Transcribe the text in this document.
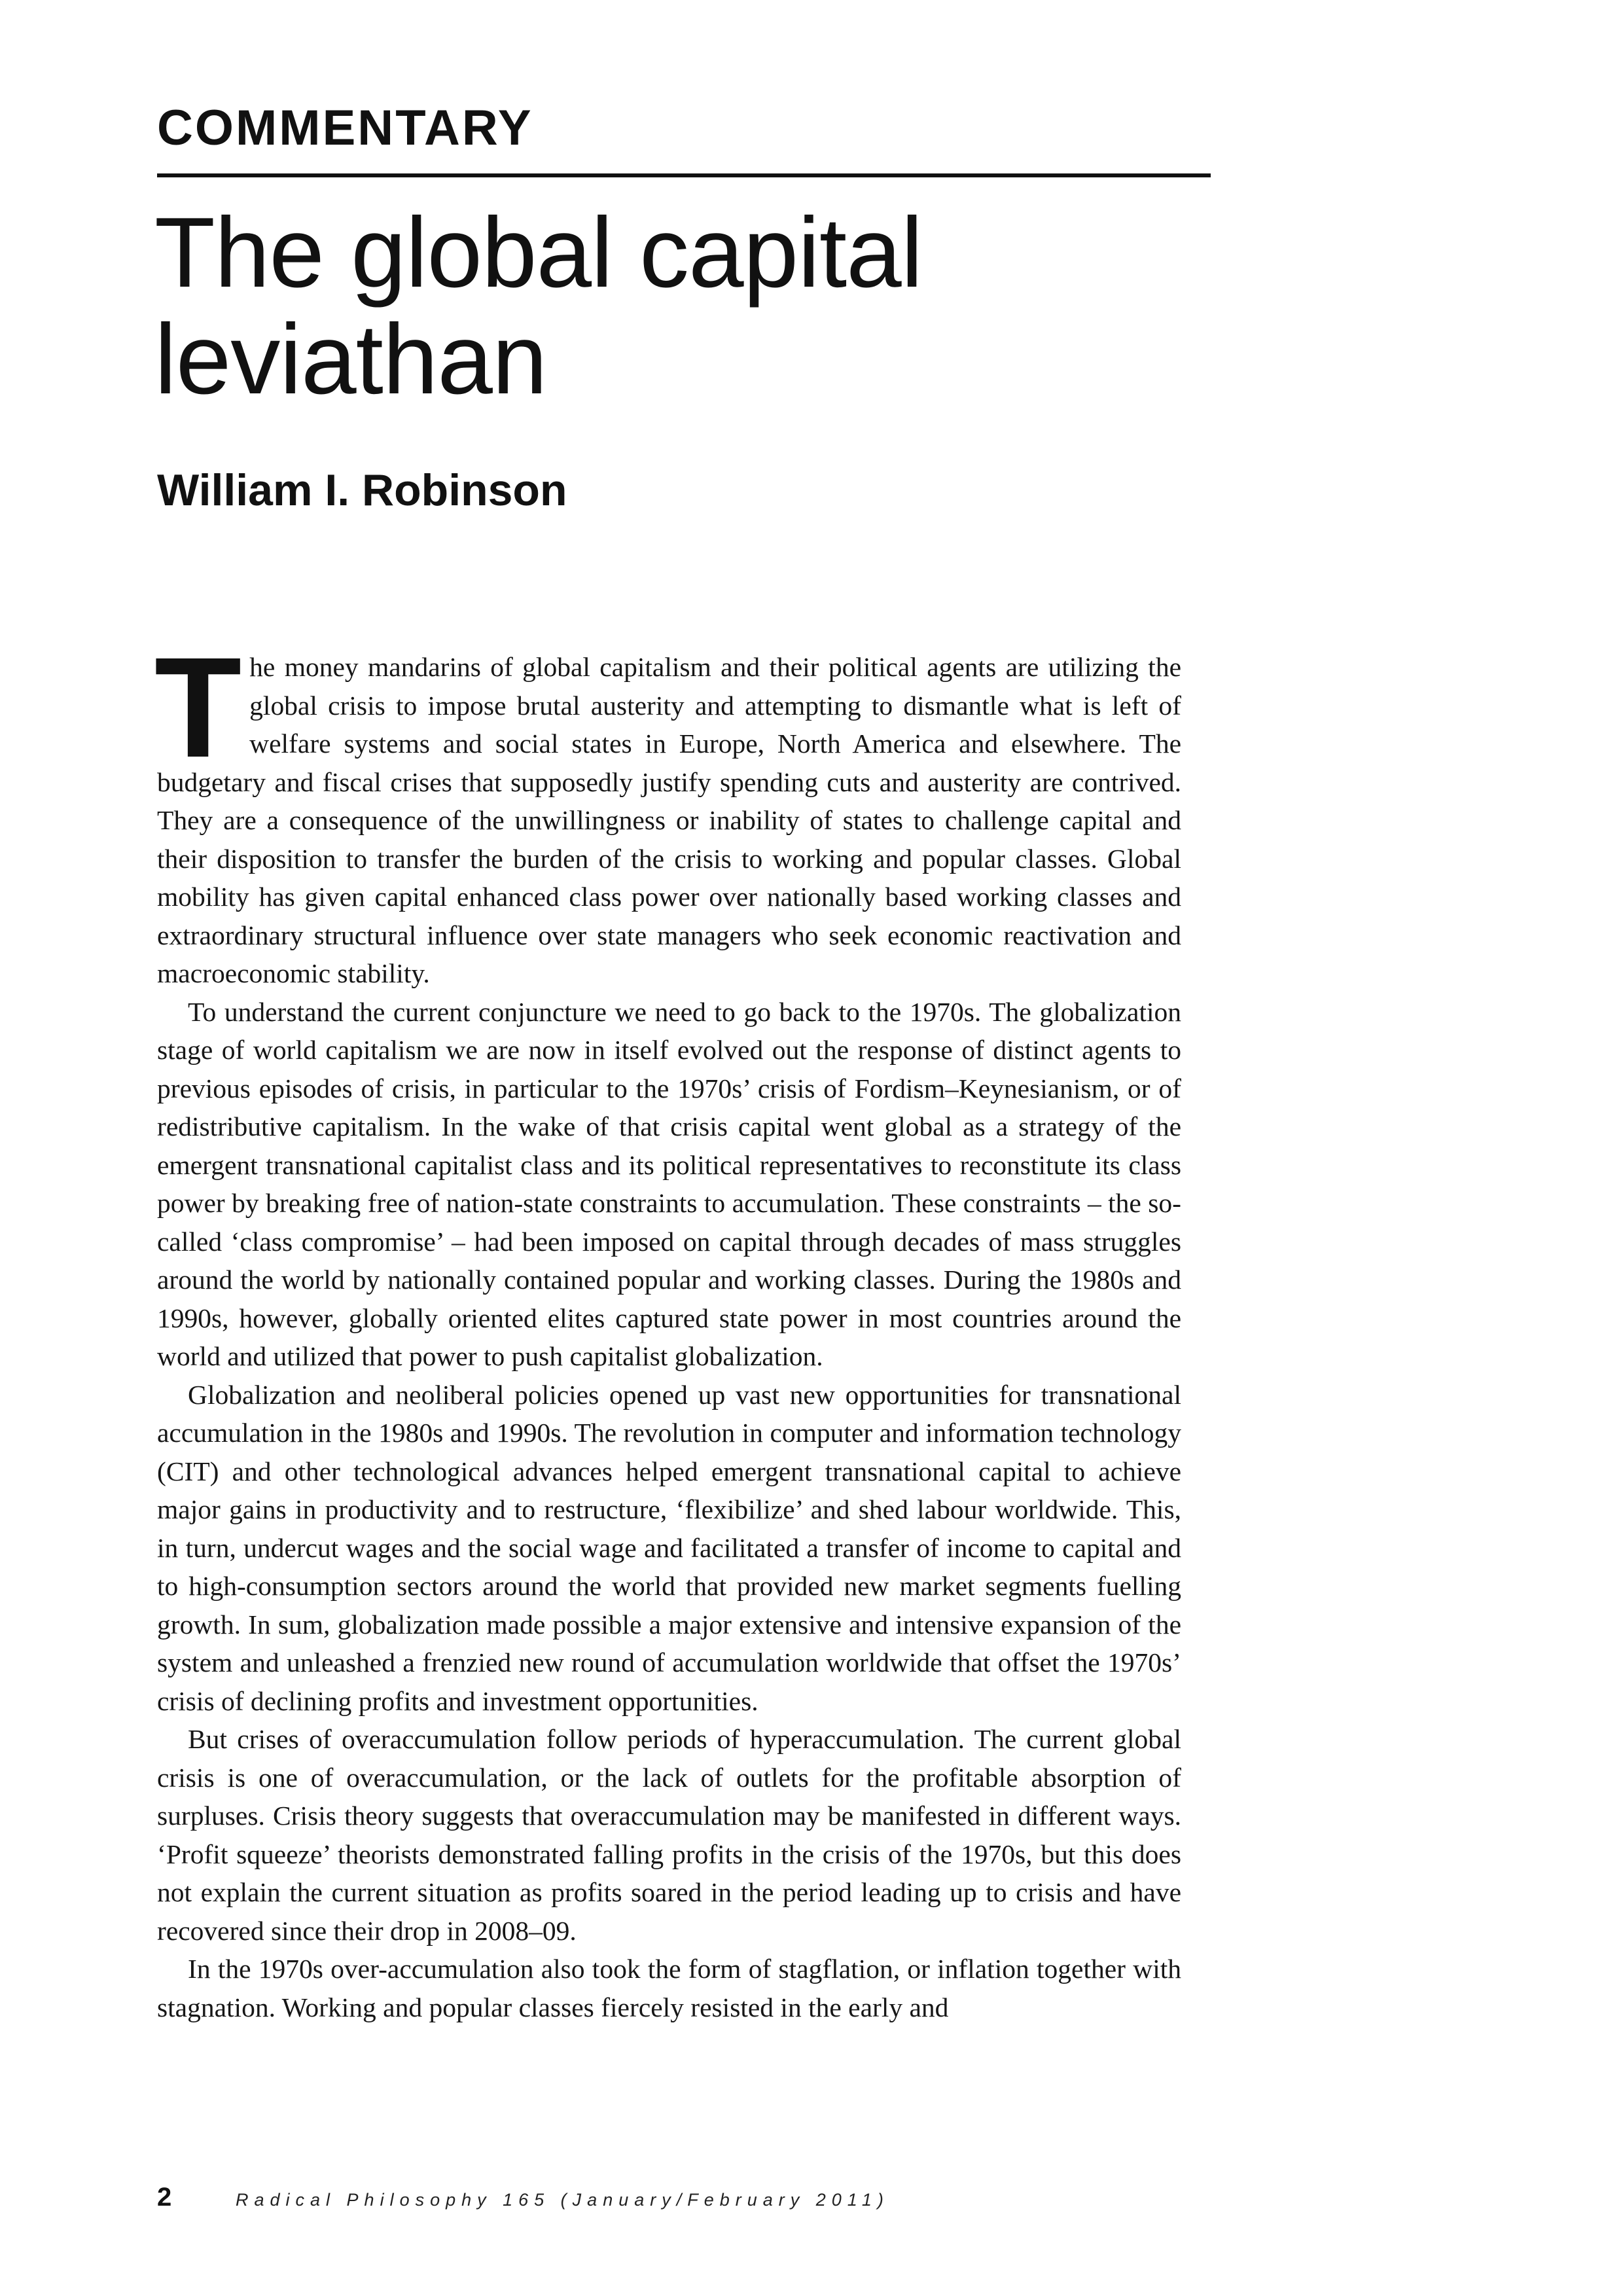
COMMENTARY
The global capital leviathan
William I. Robinson

The money mandarins of global capitalism and their political agents are utilizing the global crisis to impose brutal austerity and attempting to dismantle what is left of welfare systems and social states in Europe, North America and elsewhere. The budgetary and fiscal crises that supposedly justify spending cuts and austerity are contrived. They are a consequence of the unwillingness or inability of states to challenge capital and their disposition to transfer the burden of the crisis to working and popular classes. Global mobility has given capital enhanced class power over nationally based working classes and extraordinary structural influence over state managers who seek economic reactivation and macroeconomic stability.

To understand the current conjuncture we need to go back to the 1970s. The globalization stage of world capitalism we are now in itself evolved out the response of distinct agents to previous episodes of crisis, in particular to the 1970s’ crisis of Fordism–Keynesianism, or of redistributive capitalism. In the wake of that crisis capital went global as a strategy of the emergent transnational capitalist class and its political representatives to reconstitute its class power by breaking free of nation-state constraints to accumulation. These constraints – the so-called ‘class compromise’ – had been imposed on capital through decades of mass struggles around the world by nationally contained popular and working classes. During the 1980s and 1990s, however, globally oriented elites captured state power in most countries around the world and utilized that power to push capitalist globalization.

Globalization and neoliberal policies opened up vast new opportunities for transnational accumulation in the 1980s and 1990s. The revolution in computer and information technology (CIT) and other technological advances helped emergent transnational capital to achieve major gains in productivity and to restructure, ‘flexibilize’ and shed labour worldwide. This, in turn, undercut wages and the social wage and facilitated a transfer of income to capital and to high-consumption sectors around the world that provided new market segments fuelling growth. In sum, globalization made possible a major extensive and intensive expansion of the system and unleashed a frenzied new round of accumulation worldwide that offset the 1970s’ crisis of declining profits and investment opportunities.

But crises of overaccumulation follow periods of hyperaccumulation. The current global crisis is one of overaccumulation, or the lack of outlets for the profitable absorption of surpluses. Crisis theory suggests that overaccumulation may be manifested in different ways. ‘Profit squeeze’ theorists demonstrated falling profits in the crisis of the 1970s, but this does not explain the current situation as profits soared in the period leading up to crisis and have recovered since their drop in 2008–09.

In the 1970s over-accumulation also took the form of stagflation, or inflation together with stagnation. Working and popular classes fiercely resisted in the early and

2	Radical Philosophy 165 (January/February 2011)
